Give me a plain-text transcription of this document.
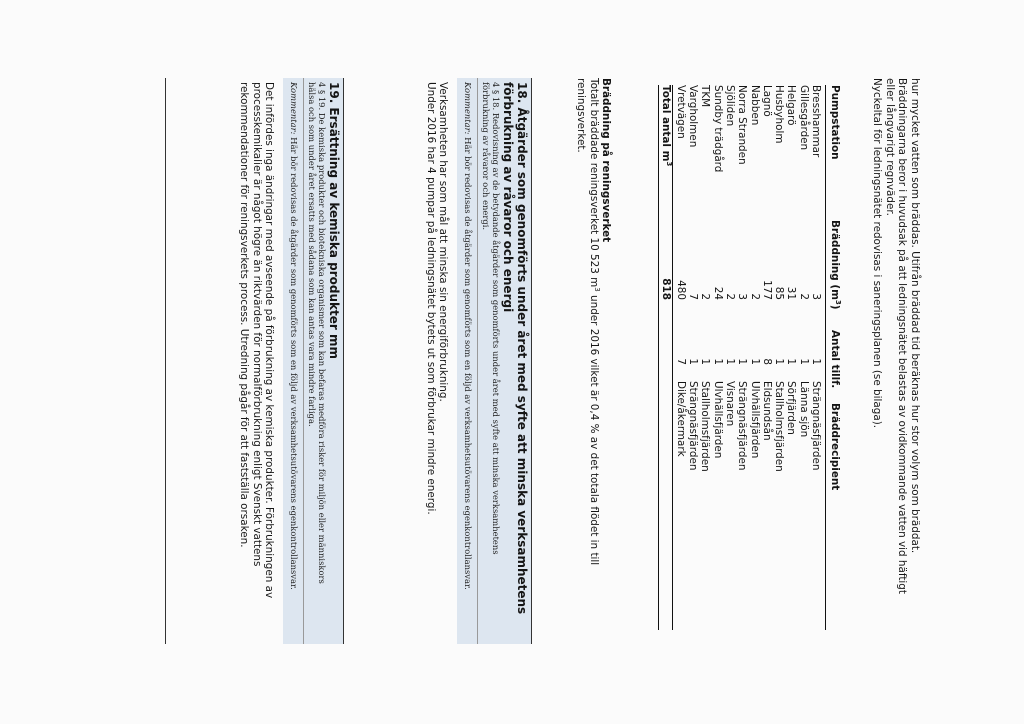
hur mycket vatten som bräddas. Utifrån bräddad tid beräknas hur stor volym som bräddat.

Bräddningarna beror i huvudsak på att ledningsnätet belastas av ovidkommande vatten vid häftigt

eller långvarigt regnväder.

Nyckeltal för ledningsnätet redovisas i saneringsplanen (se bilaga).

Pumpstation
Bräddning $(m^3)$
Antal tillf.
Bräddrecipient
Bresshammar
3
1
Strängnäsfjärden
Gillesgården
2
1
Länna sjön
Helgarö
31
1
Sörfjärden
Husbyholm
85
1
Stallholmsfjärden
Lagnö
177
8
Eldsundsån
Nabben
2
1
Ulvhällsfjärden
Norra Stranden
3
1
Strängnäsfjärden
Sjöliden
2
1
Visnaren
Sundby trädgård
24
1
Ulvhällsfjärden
TKM
2
1
Stallholmsfjärden
Vargholmen
7
1
Strängnäsfjärden
Vretvägen
480
7
Dike/åkermark
Total antal $m^3$
818

Bräddning på reningsverket

Totalt bräddade reningsverket 10 523 $m^3$ under 2016 vilket är 0,4 % av det totala flödet in till

reningsverket.

18. Åtgärder som genomförts under året med syfte att minska verksamhetens

förbrukning av råvaror och energi

4 § 18. Redovisning av de betydande åtgärder som genomförts under året med syfte att minska verksamhetens

förbrukning av råvaror och energi.

Kommentar: Här bör redovisas de åtgärder som genomförts som en följd av verksamhetsutövarens egenkontrollansvar.

Verksamheten har som mål att minska sin energiförbrukning.

Under 2016 har 4 pumpar på ledningsnätet bytets ut som förbrukar mindre energi.

19. Ersättning av kemiska produkter mm

4 § 19. De kemiska produkter och biotekniska organismer som kan befaras medföra risker för miljön eller människors

hälsa och som under året ersatts med sådana som kan antas vara mindre farliga.

Kommentar: Här bör redovisas de åtgärder som genomförts som en följd av verksamhetsutövarens egenkontrollansvar.

Det infördes inga ändringar med avseende på förbrukning av kemiska produkter. Förbrukningen av

processkemikalier är något högre än riktvärden för normalförbrukning enligt Svenskt vattens

rekommendationer för reningsverkets process. Utredning pågår för att fastställa orsaken.
